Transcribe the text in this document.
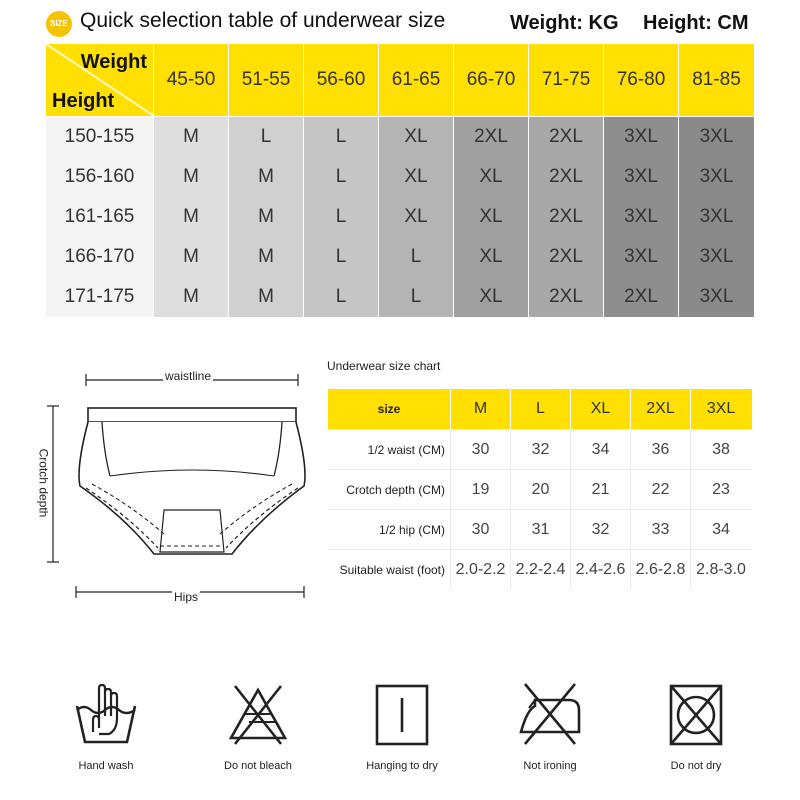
SIZE Quick selection table of underwear size	Weight: KG Height: CM
Weight
Height
45-50	51-55	56-60	61-65	66-70	71-75	76-80	81-85
150-155	M	L	L	XL	2XL	2XL	3XL	3XL
156-160	M	M	L	XL	XL	2XL	3XL	3XL
161-165	M	M	L	XL	XL	2XL	3XL	3XL
166-170	M	M	L	L	XL	2XL	3XL	3XL
171-175	M	M	L	L	XL	2XL	2XL	3XL
waistline
Crotch depth
Hips
Underwear size chart
size	M	L	XL	2XL	3XL
1/2 waist (CM)	30	32	34	36	38
Crotch depth (CM)	19	20	21	22	23
1/2 hip (CM)	30	31	32	33	34
Suitable waist (foot) 2.0-2.2 2.2-2.4 2.4-2.6 2.6-2.8 2.8-3.0
Hand wash	Do not bleach	Hanging to dry	Not ironing	Do not dry
